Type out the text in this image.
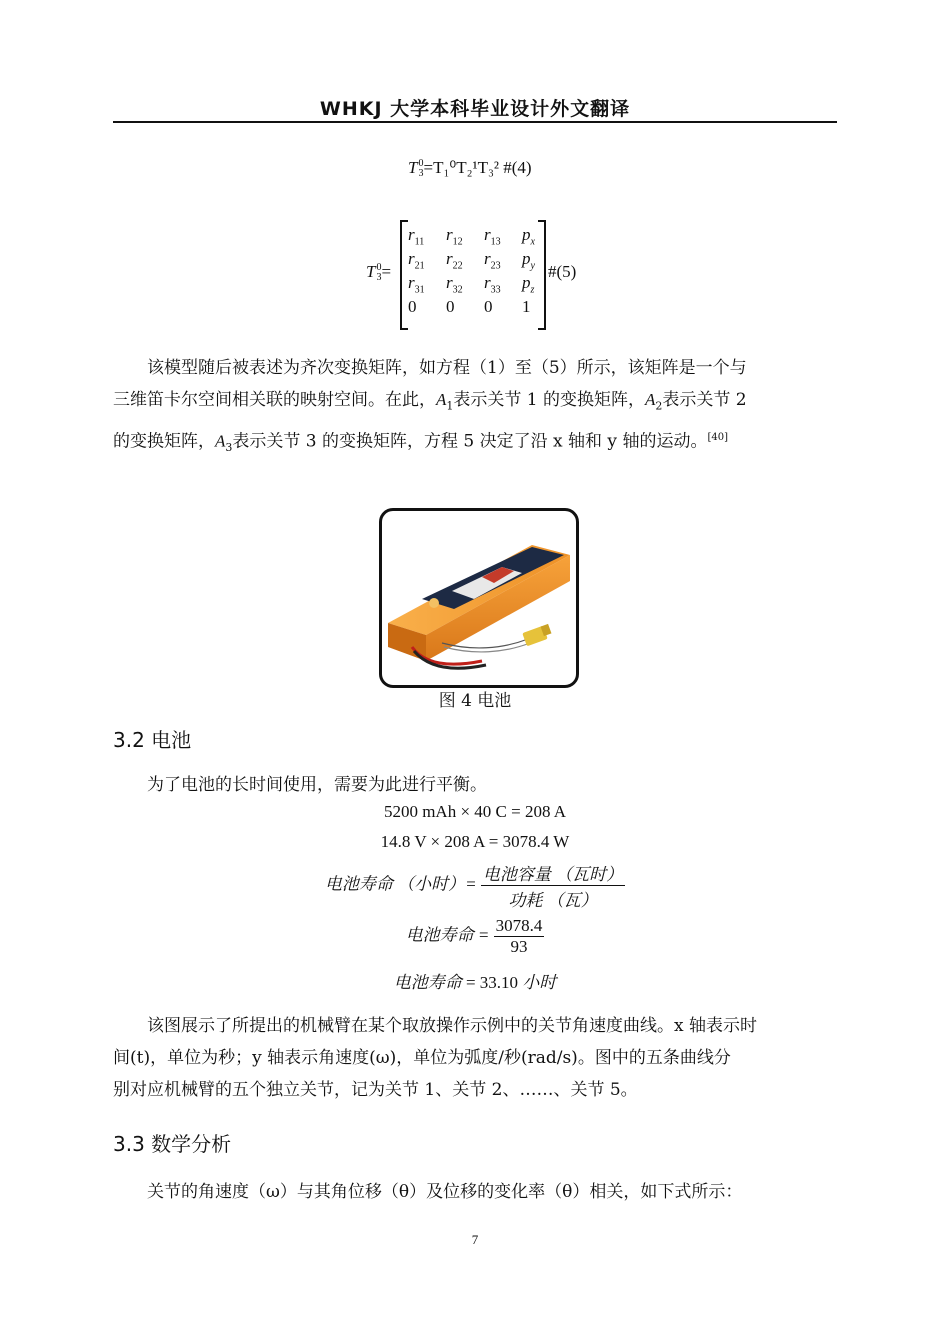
WHKJ 大学本科毕业设计外文翻译
T 0
3 =T₁⁰T₂¹T₃² #(4)
T 0
3 =
$r_{11}$	$r_{12}$	$r_{13}$	$p_x$
$r_{21}$	$r_{22}$	$r_{23}$	$p_y$
$r_{31}$	$r_{32}$	$r_{33}$	$p_z$
0	0	0	1
#(5)
该模型随后被表述为齐次变换矩阵，如方程（1）至（5）所示，该矩阵是一个与
三维笛卡尔空间相关联的映射空间。在此，$A_1$表示关节 1 的变换矩阵，$A_2$表示关节 2
的变换矩阵，$A_3$表示关节 3 的变换矩阵，方程 5 决定了沿 x 轴和 y 轴的运动。[40]
图 4 电池
3.2 电池
为了电池的长时间使用，需要为此进行平衡。
5200 mAh × 40 C = 208 A
14.8 V × 208 A = 3078.4 W
电池寿命 （小时）= $\frac{\text{电池容量 （瓦时）}}{\text{功耗 （瓦）}}$
电池寿命 = $\frac{3078.4}{93}$
电池寿命 = 33.10 小时
该图展示了所提出的机械臂在某个取放操作示例中的关节角速度曲线。x 轴表示时
间(t)，单位为秒；y 轴表示角速度(ω)，单位为弧度/秒(rad/s)。图中的五条曲线分
别对应机械臂的五个独立关节，记为关节 1、关节 2、……、关节 5。
3.3 数学分析
关节的角速度（ω）与其角位移（θ）及位移的变化率（θ）相关，如下式所示：
7
